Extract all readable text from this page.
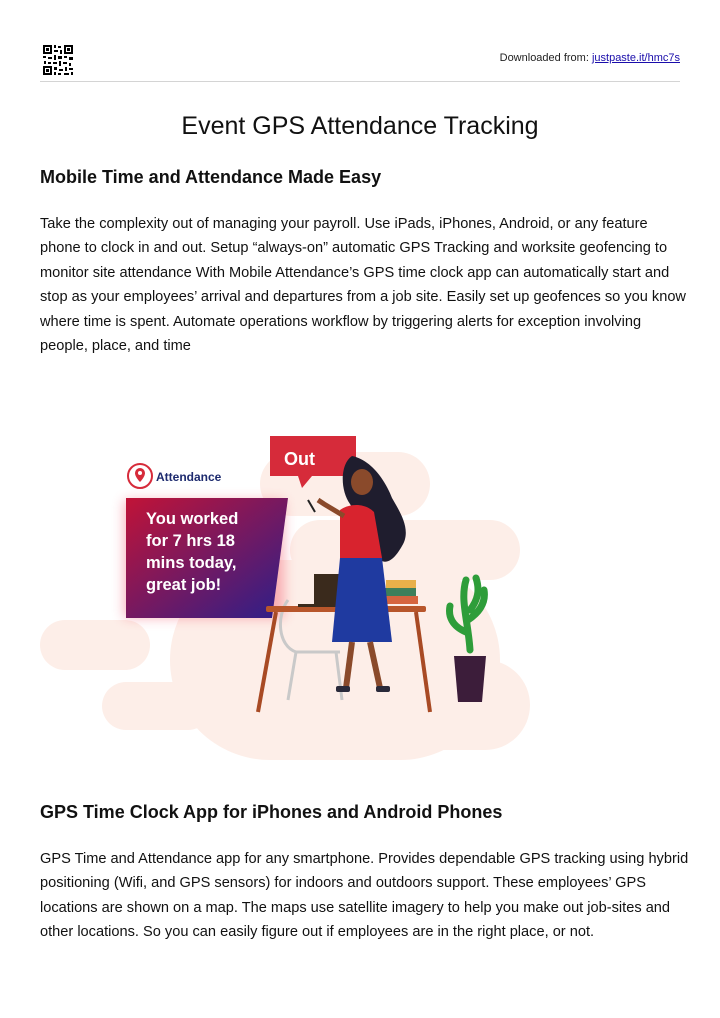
Downloaded from: justpaste.it/hmc7s
Event GPS Attendance Tracking
Mobile Time and Attendance Made Easy

Take the complexity out of managing your payroll. Use iPads, iPhones, Android, or any feature phone to clock in and out. Setup “always-on” automatic GPS Tracking and worksite geofencing to monitor site attendance With Mobile Attendance’s GPS time clock app can automatically start and stop as your employees’ arrival and departures from a job site. Easily set up geofences so you know where time is spent. Automate operations workflow by triggering alerts for exception involving people, place, and time

Attendance
You worked for 7 hrs 18 mins today, great job!
Out
GPS Time Clock App for iPhones and Android Phones

GPS Time and Attendance app for any smartphone. Provides dependable GPS tracking using hybrid positioning (Wifi, and GPS sensors) for indoors and outdoors support. These employees’ GPS locations are shown on a map. The maps use satellite imagery to help you make out job-sites and other locations. So you can easily figure out if employees are in the right place, or not.
